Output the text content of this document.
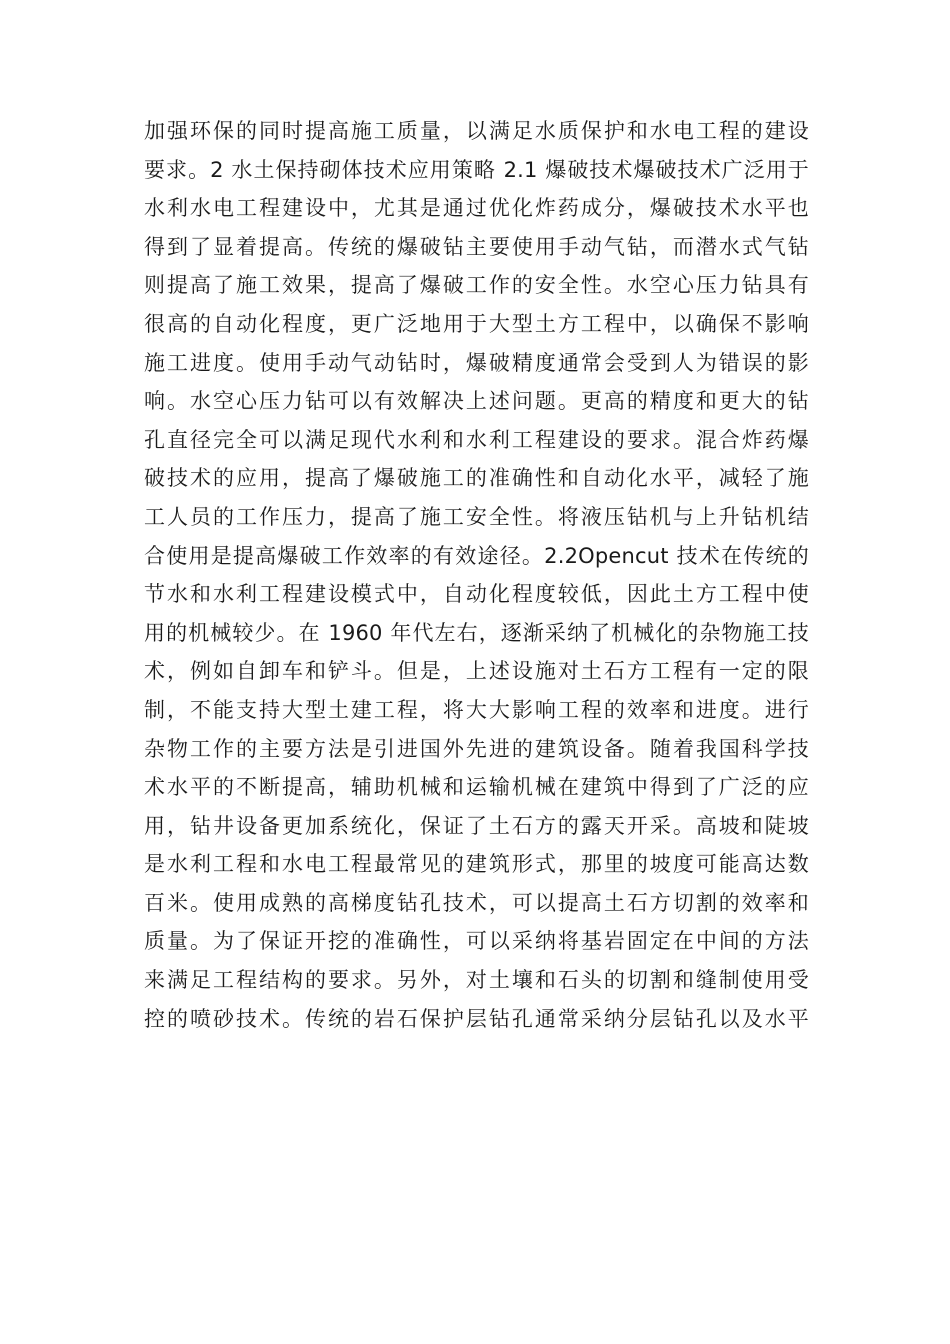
加强环保的同时提高施工质量，以满足水质保护和水电工程的建设
要求。2 水土保持砌体技术应用策略 2.1 爆破技术爆破技术广泛用于
水利水电工程建设中，尤其是通过优化炸药成分，爆破技术水平也
得到了显着提高。传统的爆破钻主要使用手动气钻，而潜水式气钻
则提高了施工效果，提高了爆破工作的安全性。水空心压力钻具有
很高的自动化程度，更广泛地用于大型土方工程中，以确保不影响
施工进度。使用手动气动钻时，爆破精度通常会受到人为错误的影
响。水空心压力钻可以有效解决上述问题。更高的精度和更大的钻
孔直径完全可以满足现代水利和水利工程建设的要求。混合炸药爆
破技术的应用，提高了爆破施工的准确性和自动化水平，减轻了施
工人员的工作压力，提高了施工安全性。将液压钻机与上升钻机结
合使用是提高爆破工作效率的有效途径。2.2Opencut 技术在传统的
节水和水利工程建设模式中，自动化程度较低，因此土方工程中使
用的机械较少。在 1960 年代左右，逐渐采纳了机械化的杂物施工技
术，例如自卸车和铲斗。但是，上述设施对土石方工程有一定的限
制，不能支持大型土建工程，将大大影响工程的效率和进度。进行
杂物工作的主要方法是引进国外先进的建筑设备。随着我国科学技
术水平的不断提高，辅助机械和运输机械在建筑中得到了广泛的应
用，钻井设备更加系统化，保证了土石方的露天开采。高坡和陡坡
是水利工程和水电工程最常见的建筑形式，那里的坡度可能高达数
百米。使用成熟的高梯度钻孔技术，可以提高土石方切割的效率和
质量。为了保证开挖的准确性，可以采纳将基岩固定在中间的方法
来满足工程结构的要求。另外，对土壤和石头的切割和缝制使用受
控的喷砂技术。传统的岩石保护层钻孔通常采纳分层钻孔以及水平
